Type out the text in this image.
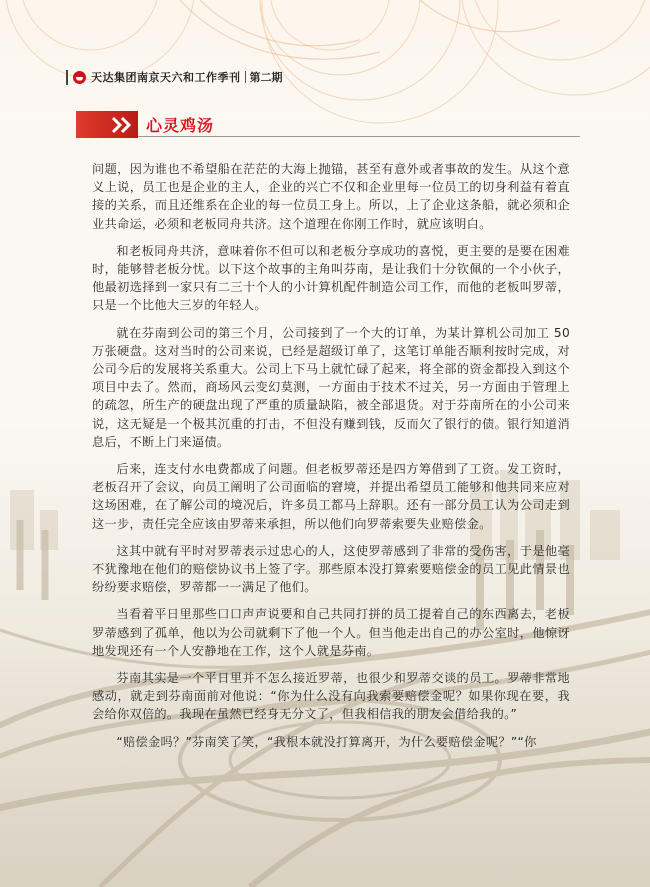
天达集团南京天六和工作季刊 第二期
心灵鸡汤

问题，因为谁也不希望船在茫茫的大海上抛锚，甚至有意外或者事故的发生。从这个意义上说，员工也是企业的主人，企业的兴亡不仅和企业里每一位员工的切身利益有着直接的关系，而且还维系在企业的每一位员工身上。所以，上了企业这条船，就必须和企业共命运，必须和老板同舟共济。这个道理在你刚工作时，就应该明白。

和老板同舟共济，意味着你不但可以和老板分享成功的喜悦，更主要的是要在困难时，能够替老板分忧。以下这个故事的主角叫芬南，是让我们十分钦佩的一个小伙子，他最初选择到一家只有二三十个人的小计算机配件制造公司工作，而他的老板叫罗蒂，只是一个比他大三岁的年轻人。

就在芬南到公司的第三个月，公司接到了一个大的订单，为某计算机公司加工 50 万张硬盘。这对当时的公司来说，已经是超级订单了，这笔订单能否顺利按时完成，对公司今后的发展将关系重大。公司上下马上就忙碌了起来，将全部的资金都投入到这个项目中去了。然而，商场风云变幻莫测，一方面由于技术不过关，另一方面由于管理上的疏忽，所生产的硬盘出现了严重的质量缺陷，被全部退货。对于芬南所在的小公司来说，这无疑是一个极其沉重的打击，不但没有赚到钱，反而欠了银行的债。银行知道消息后，不断上门来逼债。

后来，连支付水电费都成了问题。但老板罗蒂还是四方筹借到了工资。发工资时，老板召开了会议，向员工阐明了公司面临的窘境，并提出希望员工能够和他共同来应对这场困难，在了解公司的境况后，许多员工都马上辞职。还有一部分员工认为公司走到这一步，责任完全应该由罗蒂来承担，所以他们向罗蒂索要失业赔偿金。

这其中就有平时对罗蒂表示过忠心的人，这使罗蒂感到了非常的受伤害，于是他毫不犹豫地在他们的赔偿协议书上签了字。那些原本没打算索要赔偿金的员工见此情景也纷纷要求赔偿，罗蒂都一一满足了他们。

当看着平日里那些口口声声说要和自己共同打拼的员工提着自己的东西离去，老板罗蒂感到了孤单，他以为公司就剩下了他一个人。但当他走出自己的办公室时，他惊讶地发现还有一个人安静地在工作，这个人就是芬南。

芬南其实是一个平日里并不怎么接近罗蒂，也很少和罗蒂交谈的员工。罗蒂非常地感动，就走到芬南面前对他说：“你为什么没有向我索要赔偿金呢？如果你现在要，我会给你双倍的。我现在虽然已经身无分文了，但我相信我的朋友会借给我的。”

“赔偿金吗？”芬南笑了笑，“我根本就没打算离开，为什么要赔偿金呢？”“你
